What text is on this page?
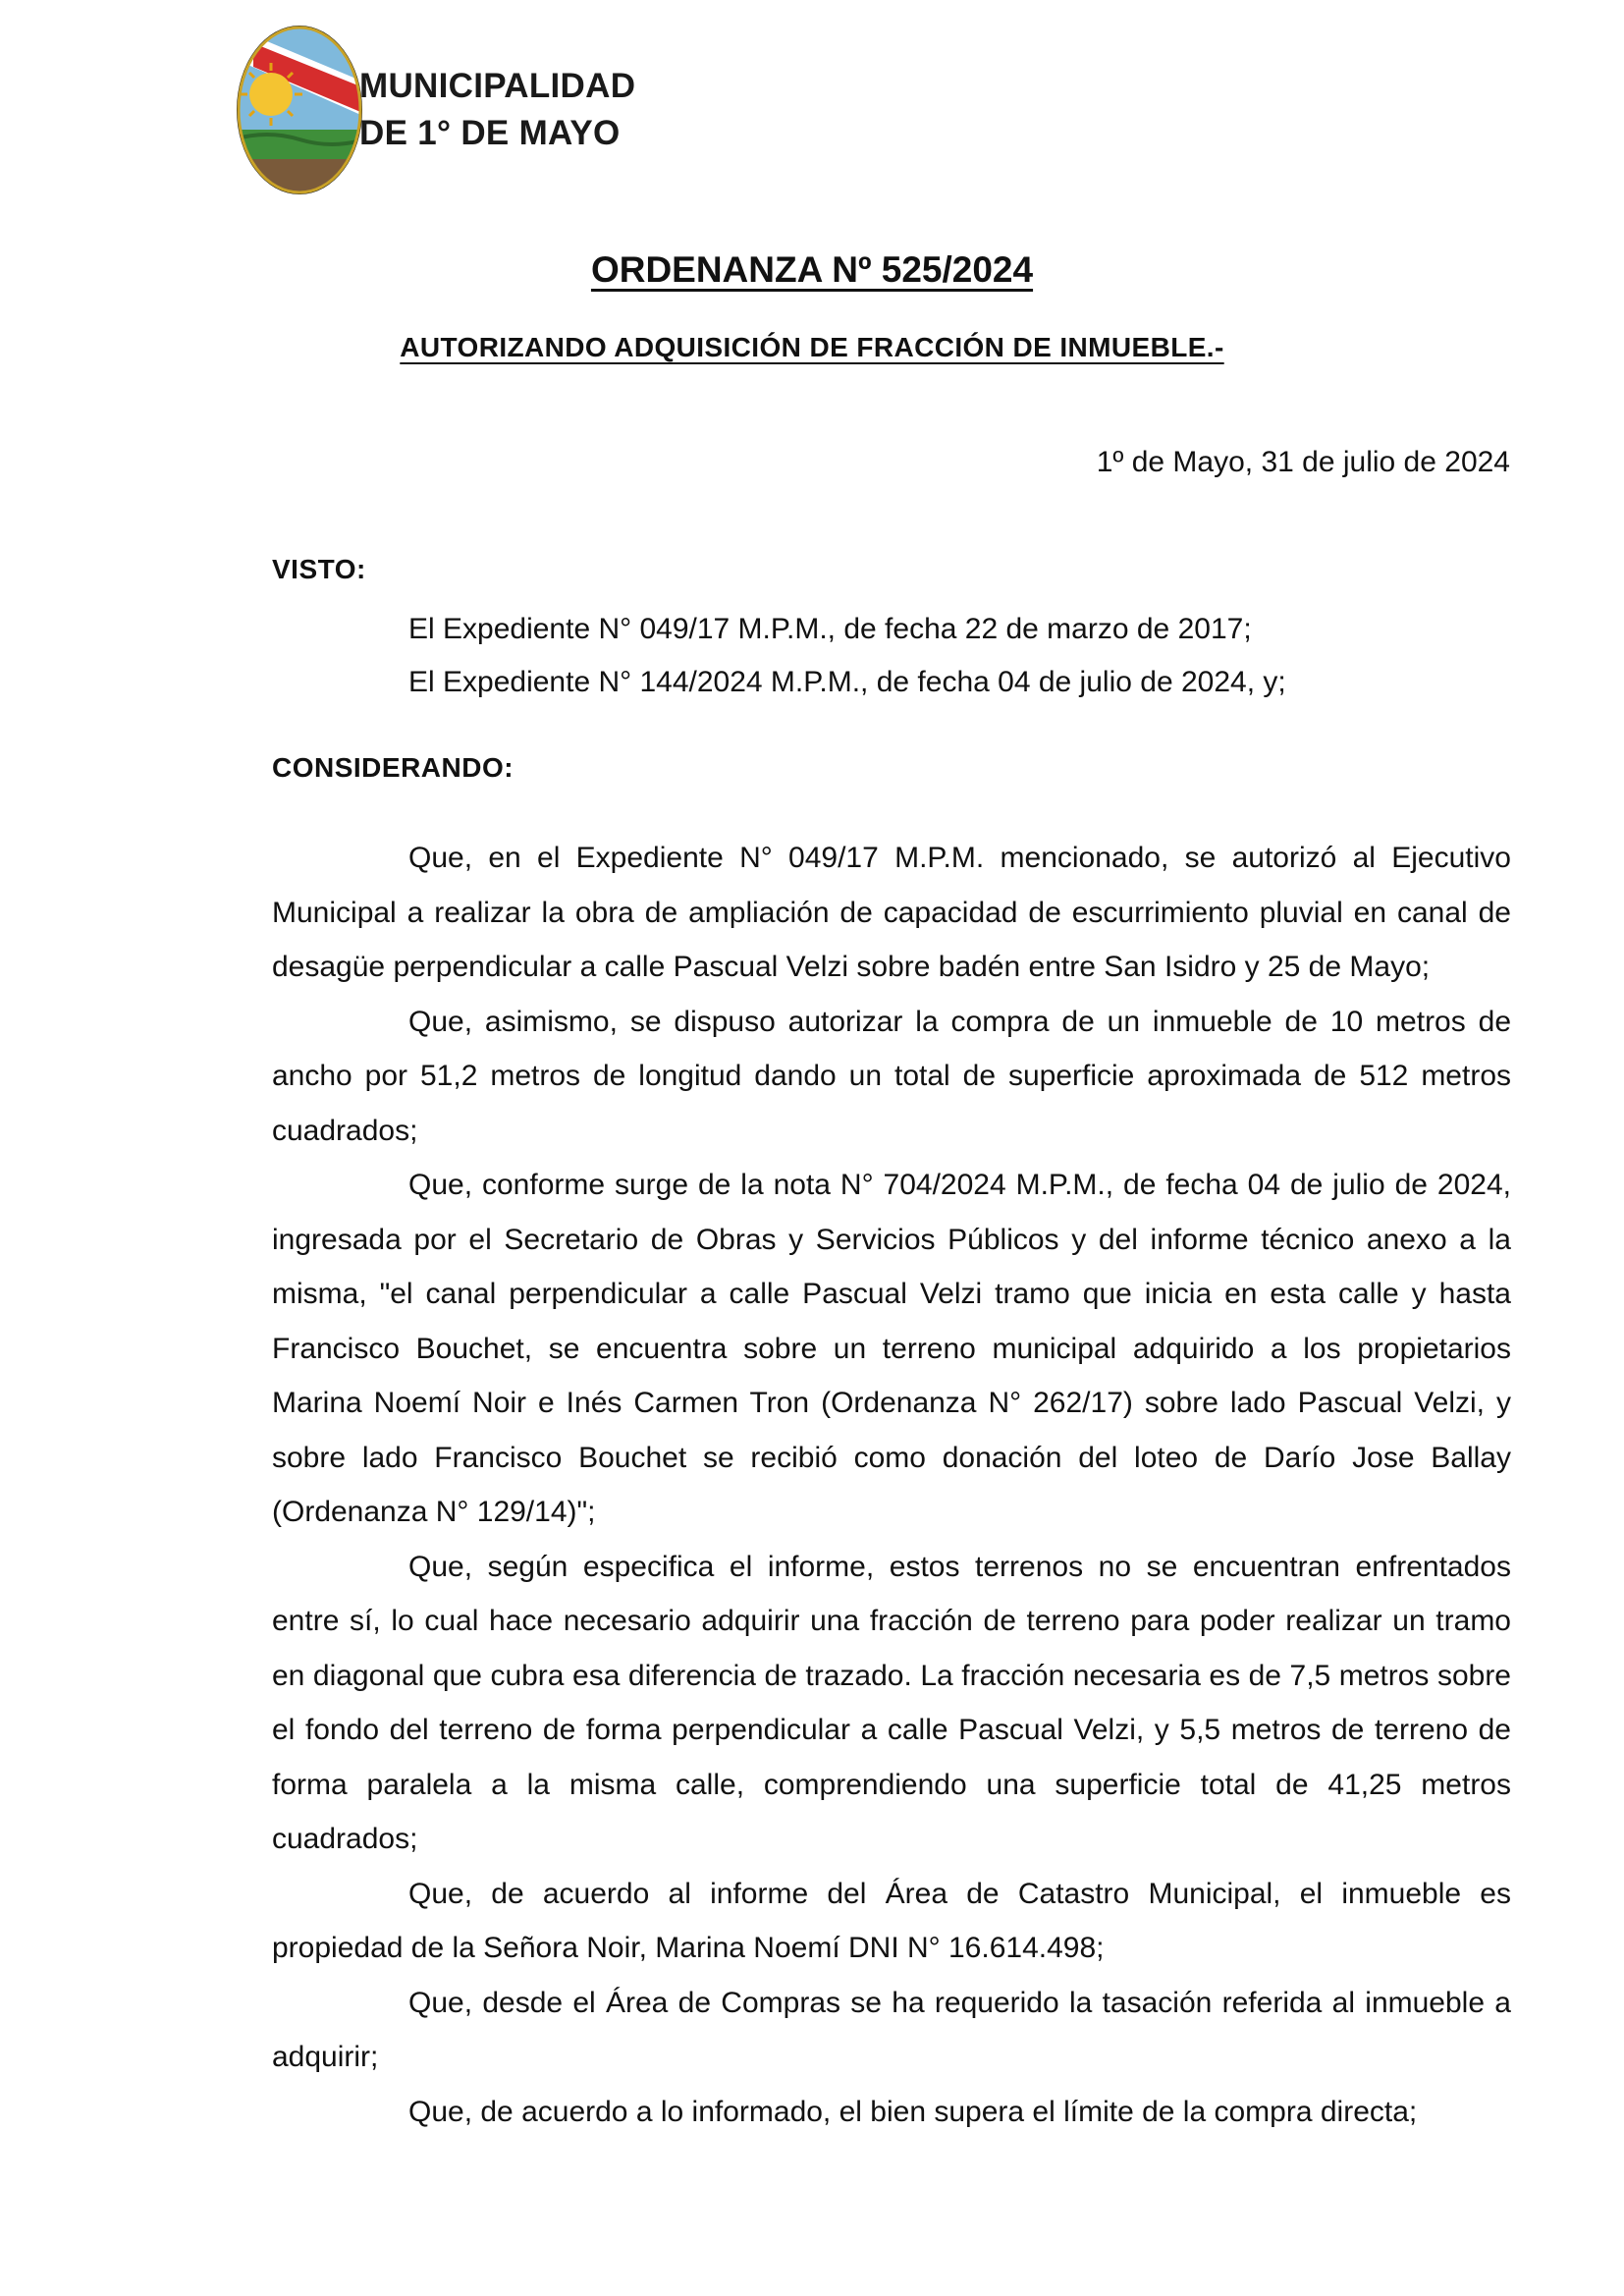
MUNICIPALIDAD
DE 1° DE MAYO
ORDENANZA Nº 525/2024
AUTORIZANDO ADQUISICIÓN DE FRACCIÓN DE INMUEBLE.-
1º de Mayo, 31 de julio de 2024
VISTO:
El Expediente N° 049/17 M.P.M., de fecha 22 de marzo de 2017;
El Expediente N° 144/2024 M.P.M., de fecha 04 de julio de 2024, y;
CONSIDERANDO:

Que, en el Expediente N° 049/17 M.P.M. mencionado, se autorizó al Ejecutivo Municipal a realizar la obra de ampliación de capacidad de escurrimiento pluvial en canal de desagüe perpendicular a calle Pascual Velzi sobre badén entre San Isidro y 25 de Mayo;

Que, asimismo, se dispuso autorizar la compra de un inmueble de 10 metros de ancho por 51,2 metros de longitud dando un total de superficie aproximada de 512 metros cuadrados;

Que, conforme surge de la nota N° 704/2024 M.P.M., de fecha 04 de julio de 2024, ingresada por el Secretario de Obras y Servicios Públicos y del informe técnico anexo a la misma, "el canal perpendicular a calle Pascual Velzi tramo que inicia en esta calle y hasta Francisco Bouchet, se encuentra sobre un terreno municipal adquirido a los propietarios Marina Noemí Noir e Inés Carmen Tron (Ordenanza N° 262/17) sobre lado Pascual Velzi, y sobre lado Francisco Bouchet se recibió como donación del loteo de Darío Jose Ballay (Ordenanza N° 129/14)";

Que, según especifica el informe, estos terrenos no se encuentran enfrentados entre sí, lo cual hace necesario adquirir una fracción de terreno para poder realizar un tramo en diagonal que cubra esa diferencia de trazado. La fracción necesaria es de 7,5 metros sobre el fondo del terreno de forma perpendicular a calle Pascual Velzi, y 5,5 metros de terreno de forma paralela a la misma calle, comprendiendo una superficie total de 41,25 metros cuadrados;

Que, de acuerdo al informe del Área de Catastro Municipal, el inmueble es propiedad de la Señora Noir, Marina Noemí DNI N° 16.614.498;

Que, desde el Área de Compras se ha requerido la tasación referida al inmueble a adquirir;

Que, de acuerdo a lo informado, el bien supera el límite de la compra directa;
